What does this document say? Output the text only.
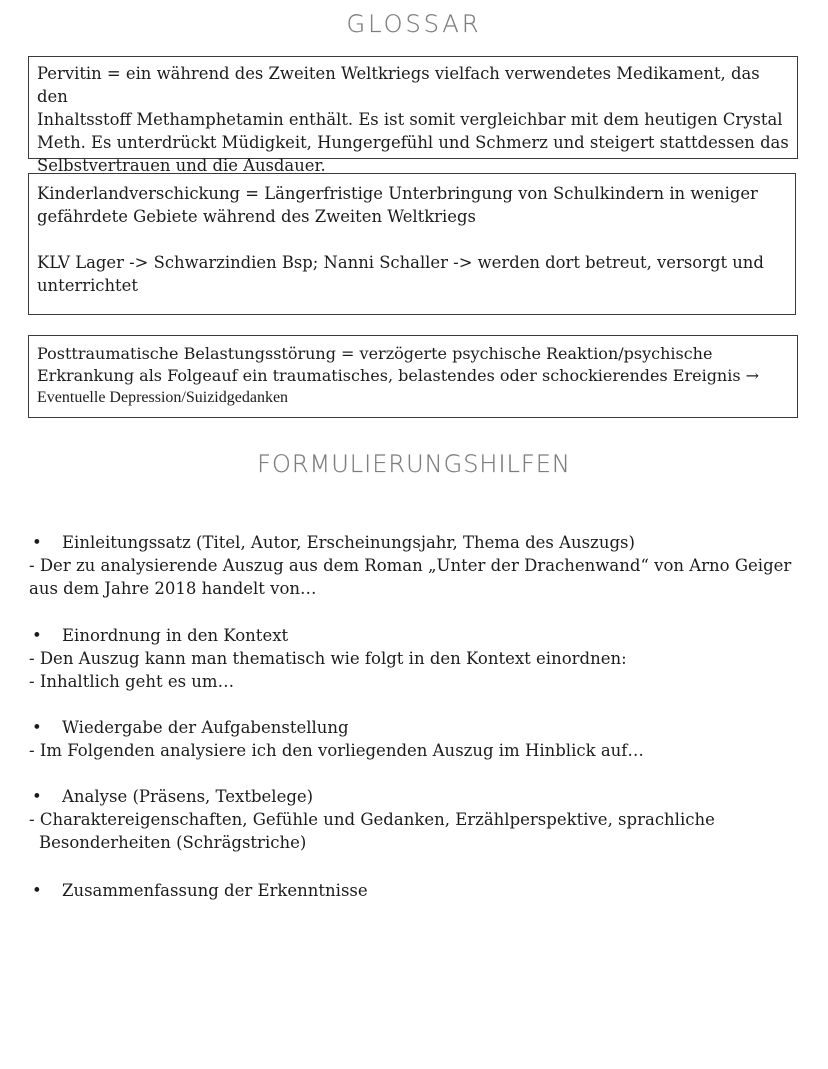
GLOSSAR

Pervitin = ein während des Zweiten Weltkriegs vielfach verwendetes Medikament, das den

Inhaltsstoff Methamphetamin enthält. Es ist somit vergleichbar mit dem heutigen Crystal

Meth. Es unterdrückt Müdigkeit, Hungergefühl und Schmerz und steigert stattdessen das

Selbstvertrauen und die Ausdauer.

Kinderlandverschickung = Längerfristige Unterbringung von Schulkindern in weniger

gefährdete Gebiete während des Zweiten Weltkriegs

KLV Lager -> Schwarzindien Bsp; Nanni Schaller -> werden dort betreut, versorgt und

unterrichtet

Posttraumatische Belastungsstörung = verzögerte psychische Reaktion/psychische

Erkrankung als Folgeauf ein traumatisches, belastendes oder schockierendes Ereignis →

Eventuelle Depression/Suizidgedanken

FORMULIERUNGSHILFEN
• Einleitungssatz (Titel, Autor, Erscheinungsjahr, Thema des Auszugs)
- Der zu analysierende Auszug aus dem Roman „Unter der Drachenwand“ von Arno Geiger
aus dem Jahre 2018 handelt von…
• Einordnung in den Kontext
- Den Auszug kann man thematisch wie folgt in den Kontext einordnen:
- Inhaltlich geht es um…
• Wiedergabe der Aufgabenstellung
- Im Folgenden analysiere ich den vorliegenden Auszug im Hinblick auf…
• Analyse (Präsens, Textbelege)
- Charaktereigenschaften, Gefühle und Gedanken, Erzählperspektive, sprachliche
Besonderheiten (Schrägstriche)
• Zusammenfassung der Erkenntnisse
